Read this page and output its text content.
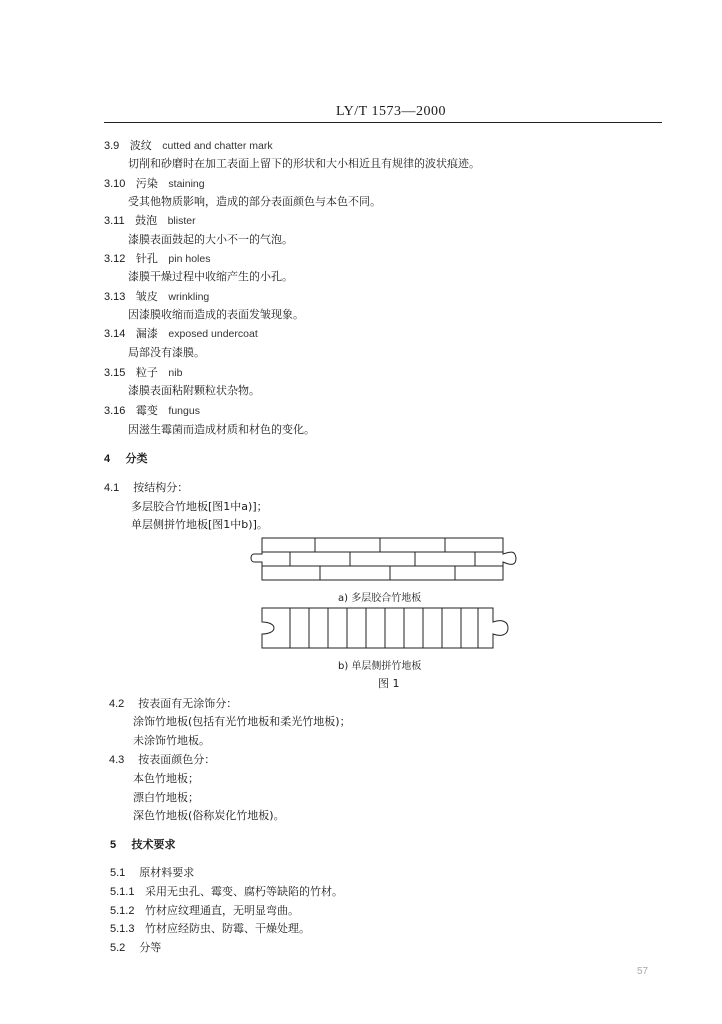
LY/T 1573—2000
3.9 波纹 cutted and chatter mark
切削和砂磨时在加工表面上留下的形状和大小相近且有规律的波状痕迹。
3.10 污染 staining
受其他物质影响，造成的部分表面颜色与本色不同。
3.11 鼓泡 blister
漆膜表面鼓起的大小不一的气泡。
3.12 针孔 pin holes
漆膜干燥过程中收缩产生的小孔。
3.13 皱皮 wrinkling
因漆膜收缩而造成的表面发皱现象。
3.14 漏漆 exposed undercoat
局部没有漆膜。
3.15 粒子 nib
漆膜表面粘附颗粒状杂物。
3.16 霉变 fungus
因滋生霉菌而造成材质和材色的变化。
4 分类
4.1 按结构分：
多层胶合竹地板[图1中a)]；
单层侧拼竹地板[图1中b)]。
a) 多层胶合竹地板
b) 单层侧拼竹地板
图 1
4.2 按表面有无涂饰分：
涂饰竹地板(包括有光竹地板和柔光竹地板)；
未涂饰竹地板。
4.3 按表面颜色分：
本色竹地板；
漂白竹地板；
深色竹地板(俗称炭化竹地板)。
5 技术要求
5.1 原材料要求
5.1.1 采用无虫孔、霉变、腐朽等缺陷的竹材。
5.1.2 竹材应纹理通直，无明显弯曲。
5.1.3 竹材应经防虫、防霉、干燥处理。
5.2 分等
57
